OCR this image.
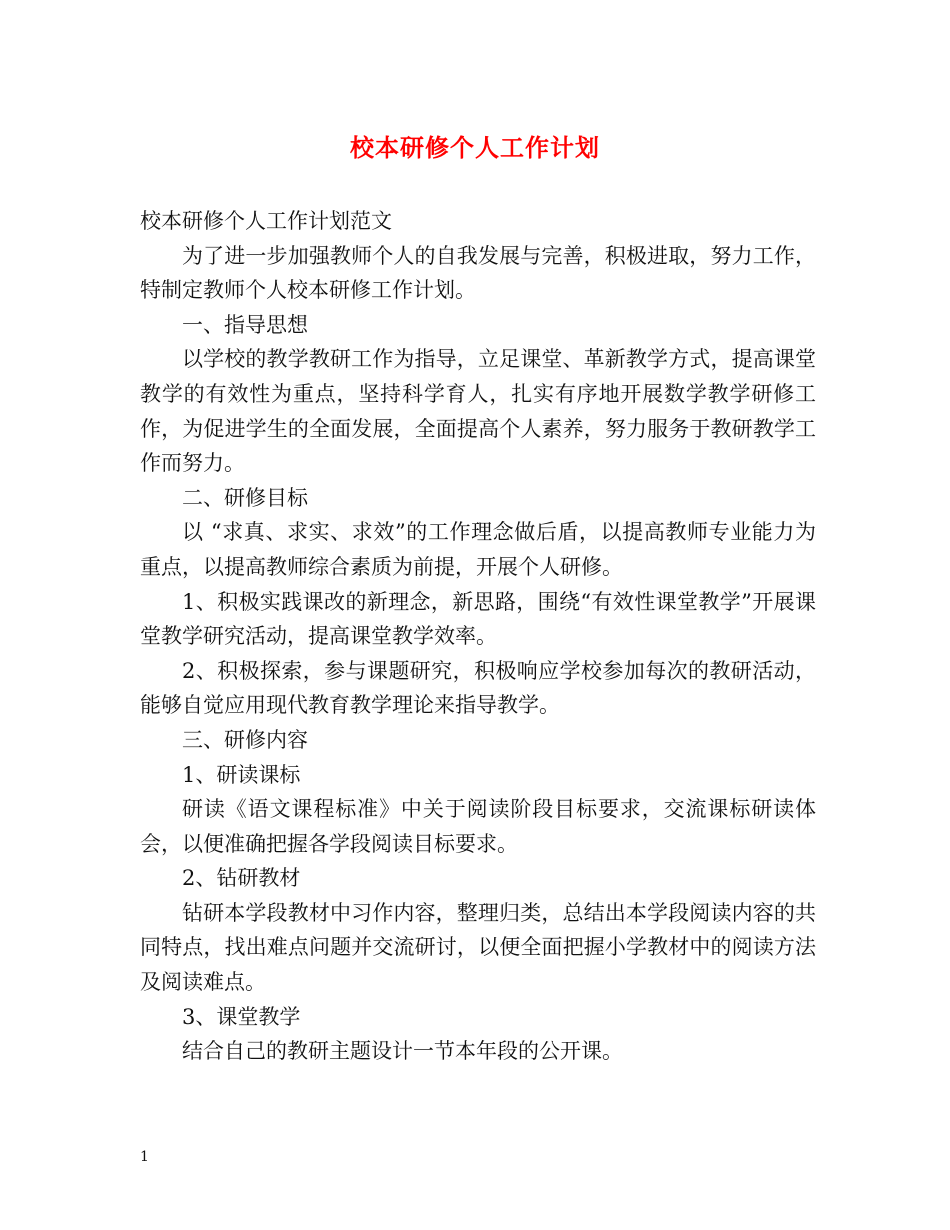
校本研修个人工作计划

校本研修个人工作计划范文

为了进一步加强教师个人的自我发展与完善，积极进取，努力工作，特制定教师个人校本研修工作计划。

一、指导思想

以学校的教学教研工作为指导，立足课堂、革新教学方式，提高课堂教学的有效性为重点，坚持科学育人，扎实有序地开展数学教学研修工作，为促进学生的全面发展，全面提高个人素养，努力服务于教研教学工作而努力。

二、研修目标

以 “求真、求实、求效”的工作理念做后盾，以提高教师专业能力为重点，以提高教师综合素质为前提，开展个人研修。

1、积极实践课改的新理念，新思路，围绕“有效性课堂教学”开展课堂教学研究活动，提高课堂教学效率。

2、积极探索，参与课题研究，积极响应学校参加每次的教研活动，能够自觉应用现代教育教学理论来指导教学。

三、研修内容

1、研读课标

研读《语文课程标准》中关于阅读阶段目标要求，交流课标研读体会，以便准确把握各学段阅读目标要求。

2、钻研教材

钻研本学段教材中习作内容，整理归类，总结出本学段阅读内容的共同特点，找出难点问题并交流研讨，以便全面把握小学教材中的阅读方法及阅读难点。

3、课堂教学

结合自己的教研主题设计一节本年段的公开课。

1
